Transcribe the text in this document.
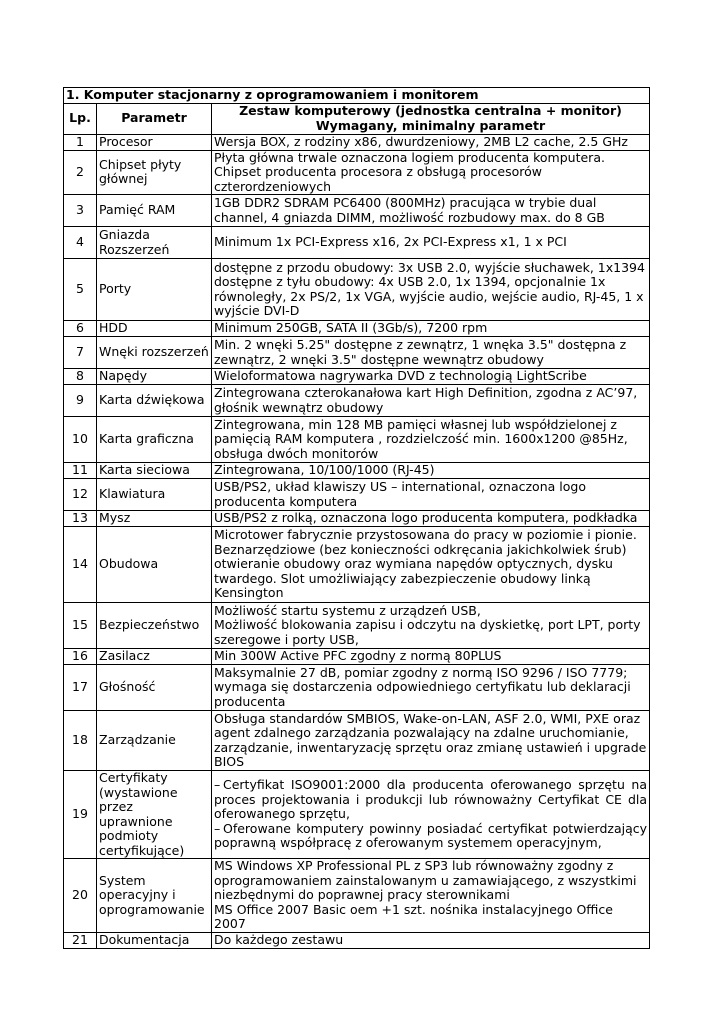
1. Komputer stacjonarny z oprogramowaniem i monitorem		
Lp.	Parametr	Zestaw komputerowy (jednostka centralna + monitor)
Wymagany, minimalny parametr
1	Procesor	Wersja BOX, z rodziny x86, dwurdzeniowy, 2MB L2 cache, 2.5 GHz
2	Chipset płyty głównej	Płyta główna trwale oznaczona logiem producenta komputera. Chipset producenta procesora z obsługą procesorów czterordzeniowych
3	Pamięć RAM	1GB DDR2 SDRAM PC6400 (800MHz) pracująca w trybie dual channel, 4 gniazda DIMM, możliwość rozbudowy max. do 8 GB
4	Gniazda Rozszerzeń	Minimum 1x PCI-Express x16, 2x PCI-Express x1, 1 x PCI
5	Porty	dostępne z przodu obudowy: 3x USB 2.0, wyjście słuchawek, 1x1394 dostępne z tyłu obudowy: 4x USB 2.0, 1x 1394, opcjonalnie 1x równoległy, 2x PS/2, 1x VGA, wyjście audio, wejście audio, RJ-45, 1 x wyjście DVI-D
6	HDD	Minimum 250GB, SATA II (3Gb/s), 7200 rpm
7	Wnęki rozszerzeń	Min. 2 wnęki 5.25" dostępne z zewnątrz, 1 wnęka 3.5" dostępna z zewnątrz, 2 wnęki 3.5" dostępne wewnątrz obudowy
8	Napędy	Wieloformatowa nagrywarka DVD z technologią LightScribe
9	Karta dźwiękowa	Zintegrowana czterokanałowa kart High Definition, zgodna z AC’97, głośnik wewnątrz obudowy
10	Karta graficzna	Zintegrowana, min 128 MB pamięci własnej lub współdzielonej z pamięcią RAM komputera , rozdzielczość min. 1600x1200 @85Hz, obsługa dwóch monitorów
11	Karta sieciowa	Zintegrowana, 10/100/1000 (RJ-45)
12	Klawiatura	USB/PS2, układ klawiszy US – international, oznaczona logo producenta komputera
13	Mysz	USB/PS2 z rolką, oznaczona logo producenta komputera, podkładka
14	Obudowa	Microtower fabrycznie przystosowana do pracy w poziomie i pionie. Beznarzędziowe (bez konieczności odkręcania jakichkolwiek śrub) otwieranie obudowy oraz wymiana napędów optycznych, dysku twardego. Slot umożliwiający zabezpieczenie obudowy linką Kensington
15	Bezpieczeństwo	Możliwość startu systemu z urządzeń USB,
Możliwość blokowania zapisu i odczytu na dyskietkę, port LPT, porty szeregowe i porty USB,
16	Zasilacz	Min 300W Active PFC zgodny z normą 80PLUS
17	Głośność	Maksymalnie 27 dB, pomiar zgodny z normą ISO 9296 / ISO 7779; wymaga się dostarczenia odpowiedniego certyfikatu lub deklaracji producenta
18	Zarządzanie	Obsługa standardów SMBIOS, Wake-on-LAN, ASF 2.0, WMI, PXE oraz agent zdalnego zarządzania pozwalający na zdalne uruchomianie, zarządzanie, inwentaryzację sprzętu oraz zmianę ustawień i upgrade BIOS
19	Certyfikaty (wystawione przez uprawnione podmioty certyfikujące)	– Certyfikat ISO9001:2000 dla producenta oferowanego sprzętu na proces projektowania i produkcji lub równoważny Certyfikat CE dla oferowanego sprzętu,
– Oferowane komputery powinny posiadać certyfikat potwierdzający poprawną współpracę z oferowanym systemem operacyjnym,

20	System operacyjny i oprogramowanie	MS Windows XP Professional PL z SP3 lub równoważny zgodny z oprogramowaniem zainstalowanym u zamawiającego, z wszystkimi niezbędnymi do poprawnej pracy sterownikami
MS Office 2007 Basic oem +1 szt. nośnika instalacyjnego Office 2007
21	Dokumentacja	Do każdego zestawu
